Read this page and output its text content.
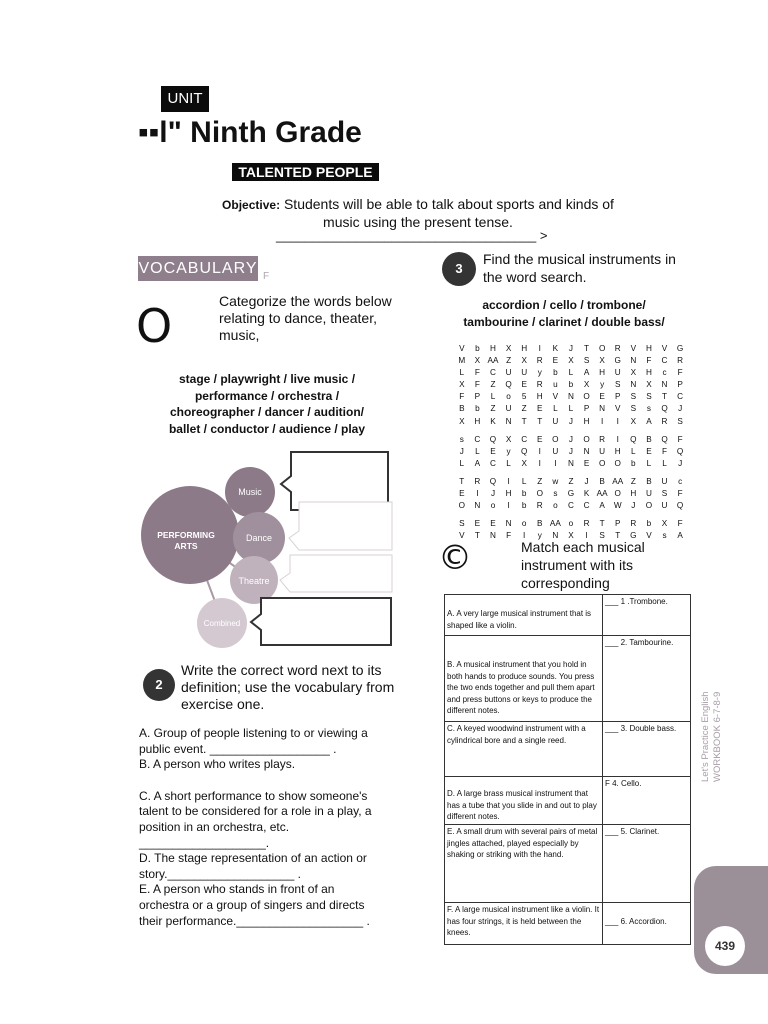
UNIT
▪▪l" Ninth Grade
TALENTED PEOPLE
Objective: Students will be able to talk about sports and kinds of music using the present tense.
____________________________________ >
VOCABULARY F
O	Categorize the words below relating to dance, theater, music,
stage / playwright / live music / performance / orchestra / choreographer / dancer / audition/ ballet / conductor / audience / play
PERFORMING
ARTS
Music
Dance
Theatre
Combined
2
Write the correct word next to its definition; use the vocabulary from exercise one.

A. Group of people listening to or viewing a public event. __________________ .
B. A person who writes plays.

C. A short performance to show someone's talent to be considered for a role in a play, a position in an orchestra, etc. ___________________.
D. The stage representation of an action or story.___________________ .
E. A person who stands in front of an orchestra or a group of singers and directs their performance.___________________ .

3
Find the musical instruments in the word search.
accordion / cello / trombone/ tambourine / clarinet / double bass/
V	b	H	X	H	I	K	J	T	O	R	V	H	V	G
M	X AA Z	X	R	E	X	S	X	G	N	F	C	R
L	F	C	U	U	y	b	L	A	H	U	X	H	c	F
X	F	Z	Q	E	R	u	b	X	y	S	N	X	N	P
F	P	L	o	5	H	V	N	O	E	P	S	S	T	C
B	b	Z	U	Z	E	L	L	P	N	V	S	s	Q	J
X	H	K	N	T	T	U	J	H	I	I	X	A	R	S
s	C	Q	X	C	E	O	J	O	R	I	Q	B	Q	F
J	L	E	y	Q	I	U	J	N	U	H	L	E	F	Q
L	A	C	L	X	I	I	N	E	O	O	b	L	L	J
T	R	Q	I	L	Z	w	Z	J	B AA Z	B	U	c
E	I	J	H	b	O	s	G	K AA O	H	U	S	F
O	N	o	I	b	R	o	C	C	A	W	J	O	U	Q
S	E	E	N	o	B AA o	R	T	P	R	b	X	F
V	T	N	F	I	y	N	X	I	S	T	G	V	s	A
©	Match each musical instrument with its corresponding
A. A very large musical instrument that is shaped like a violin.	___ 1 .Trombone.

B. A musical instrument that you hold in both hands to produce sounds. You press the two ends together and pull them apart and press buttons or keys to produce the different notes.	___ 2. Tambourine.
C. A keyed woodwind instrument with a cylindrical bore and a single reed.	___ 3. Double bass.

D. A large brass musical instrument that has a tube that you slide in and out to play different notes.	F 4. Cello.
E. A small drum with several pairs of metal jingles attached, played especially by shaking or striking with the hand.	___ 5. Clarinet.
F. A large musical instrument like a violin. It has four strings, it is held between the knees.	___ 6. Accordion.
Let's Practice English WORKBOOK 6-7-8-9
439
